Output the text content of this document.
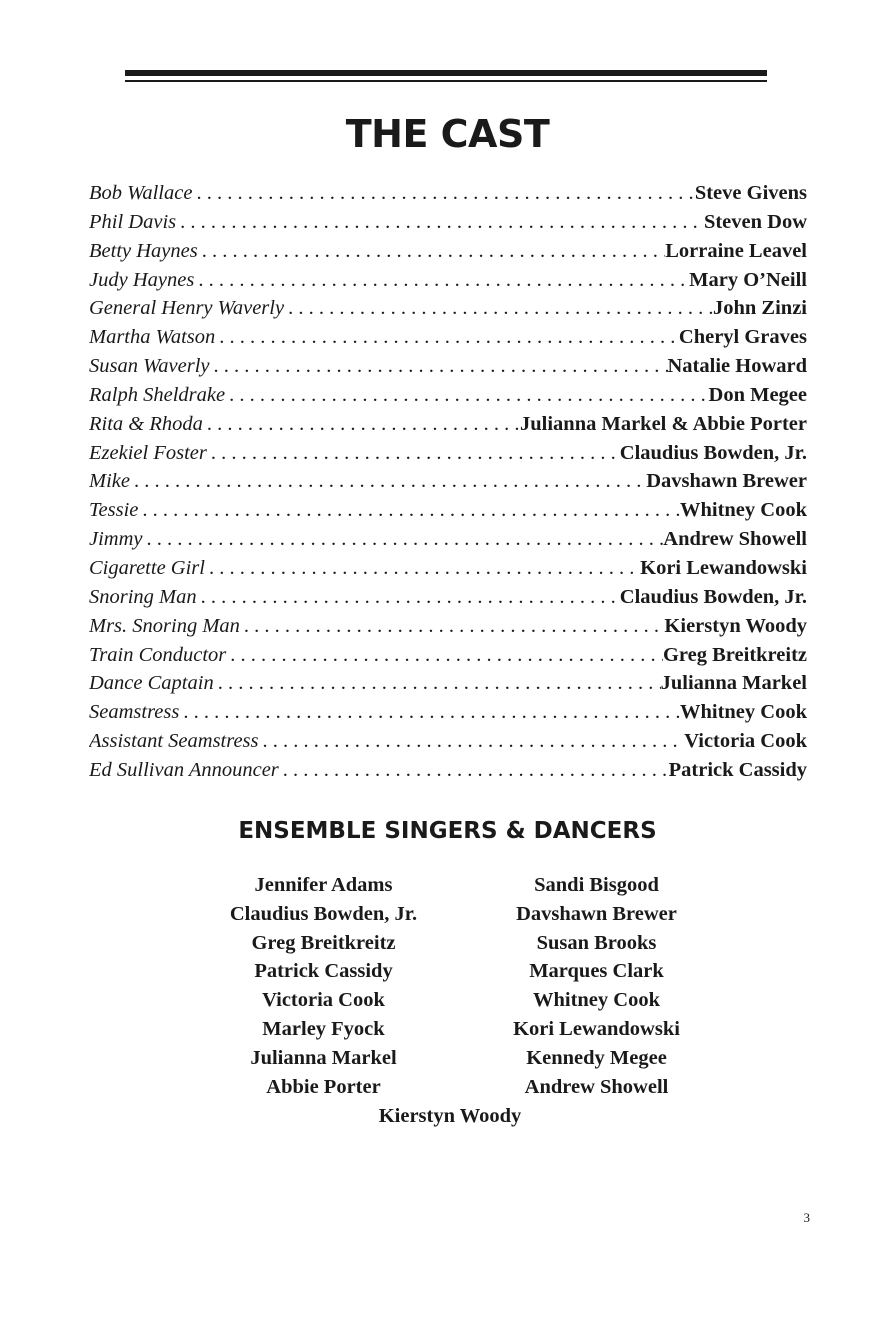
THE CAST
Bob Wallace . . .	Steve Givens
Phil Davis . . .	Steven Dow
Betty Haynes . . .	Lorraine Leavel
Judy Haynes . . .	Mary O’Neill
General Henry Waverly . . .	John Zinzi
Martha Watson . . .	Cheryl Graves
Susan Waverly . . .	Natalie Howard
Ralph Sheldrake . . .	Don Megee
Rita & Rhoda . . .	Julianna Markel & Abbie Porter
Ezekiel Foster . . .	Claudius Bowden, Jr.
Mike . . .	Davshawn Brewer
Tessie . . .	Whitney Cook
Jimmy . . .	Andrew Showell
Cigarette Girl . . .	Kori Lewandowski
Snoring Man . . .	Claudius Bowden, Jr.
Mrs. Snoring Man . . .	Kierstyn Woody
Train Conductor . . .	Greg Breitkreitz
Dance Captain . . .	Julianna Markel
Seamstress . . .	Whitney Cook
Assistant Seamstress . . .	Victoria Cook
Ed Sullivan Announcer . . .	Patrick Cassidy
ENSEMBLE SINGERS & DANCERS
Jennifer Adams	Sandi Bisgood
Claudius Bowden, Jr.	Davshawn Brewer
Greg Breitkreitz	Susan Brooks
Patrick Cassidy	Marques Clark
Victoria Cook	Whitney Cook
Marley Fyock	Kori Lewandowski
Julianna Markel	Kennedy Megee
Abbie Porter	Andrew Showell
Kierstyn Woody
3
